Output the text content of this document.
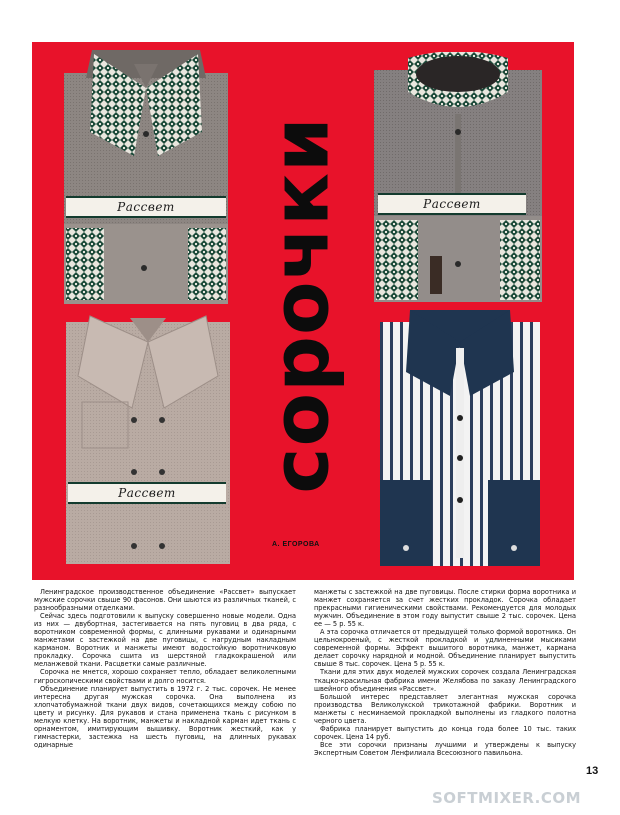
Рассвет	Рассвет
Рассвет сорочки
А. ЕГОРОВА

Ленинградское производственное объединение «Рассвет» выпускает мужские сорочки свыше 90 фасонов. Они шьются из различных тканей, с разнообразными отделками.

Сейчас здесь подготовили к выпуску совершенно новые модели. Одна из них — двубортная, застегивается на пять пуговиц в два ряда, с воротником современной формы, с длинными рукавами и одинарными манжетами с застежкой на две пуговицы, с нагрудным накладным карманом. Воротник и манжеты имеют водостойкую воротничковую прокладку. Сорочка сшита из шерстяной гладкокрашеной или меланжевой ткани. Расцветки самые различные.

Сорочка не мнется, хорошо сохраняет тепло, обладает великолепными гигроскопическими свойствами и долго носится.

Объединение планирует выпустить в 1972 г. 2 тыс. сорочек. Не менее интересна другая мужская сорочка. Она выполнена из хлопчатобумажной ткани двух видов, сочетающихся между собою по цвету и рисунку. Для рукавов и стана применена ткань с рисунком в мелкую клетку. На воротник, манжеты и накладной карман идет ткань с орнаментом, имитирующим вышивку. Воротник жесткий, как у гимнастерки, застежка на шесть пуговиц, на длинных рукавах одинарные

манжеты с застежкой на две пуговицы. После стирки форма воротника и манжет сохраняется за счет жестких прокладок. Сорочка обладает прекрасными гигиеническими свойствами. Рекомендуется для молодых мужчин. Объединение в этом году выпустит свыше 2 тыс. сорочек. Цена ее — 5 р. 55 к.

А эта сорочка отличается от предыдущей только формой воротника. Он цельнокроеный, с жесткой прокладкой и удлиненными мысиками современной формы. Эффект вышитого воротника, манжет, кармана делает сорочку нарядной и модной. Объединение планирует выпустить свыше 8 тыс. сорочек. Цена 5 р. 55 к.

Ткани для этих двух моделей мужских сорочек создала Ленинградская ткацко-красильная фабрика имени Желябова по заказу Ленинградского швейного объединения «Рассвет».

Большой интерес представляет элегантная мужская сорочка производства Великолукской трикотажной фабрики. Воротник и манжеты с несминаемой прокладкой выполнены из гладкого полотна черного цвета.

Фабрика планирует выпустить до конца года более 10 тыс. таких сорочек. Цена 14 руб.

Все эти сорочки признаны лучшими и утверждены к выпуску Экспертным Советом Ленфилиала Всесоюзного павильона.

13
SOFTMIXER.COM
